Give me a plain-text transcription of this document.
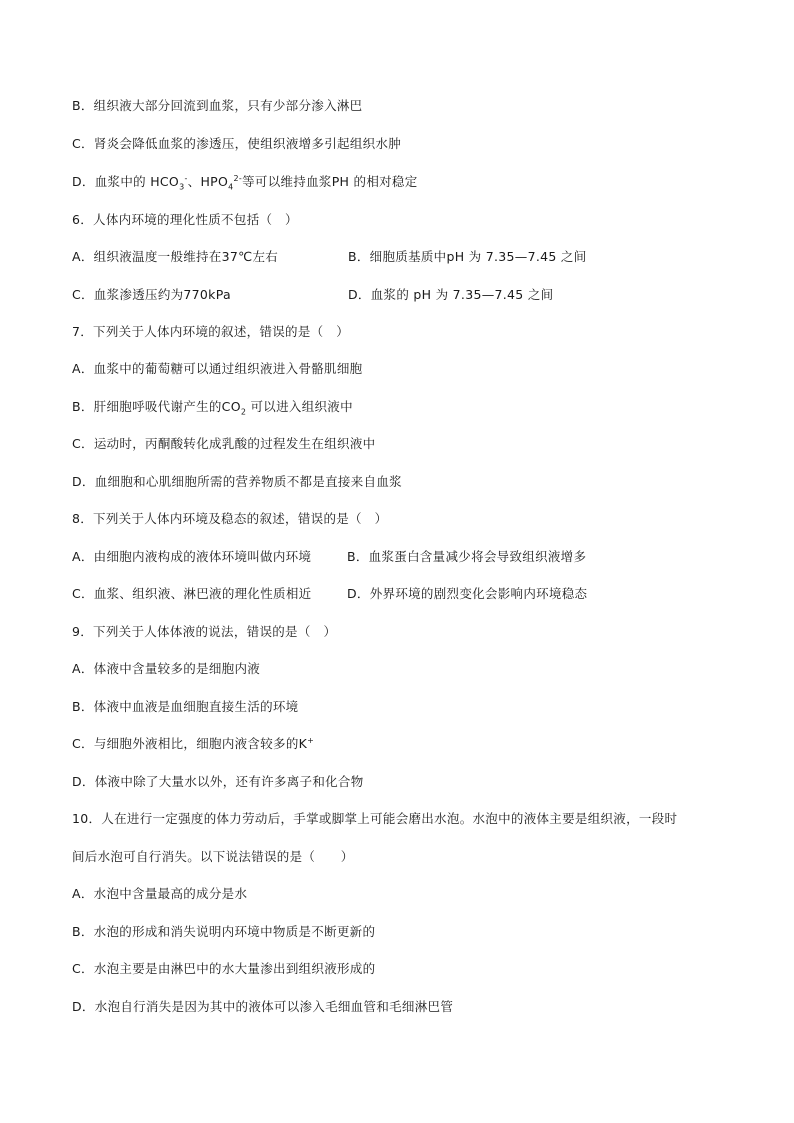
B．组织液大部分回流到血浆，只有少部分渗入淋巴
C．肾炎会降低血浆的渗透压，使组织液增多引起组织水肿
D．血浆中的 $HCO_3^-$、$HPO_4^{2-}$等可以维持血浆PH 的相对稳定
6．人体内环境的理化性质不包括（　）
A．组织液温度一般维持在37℃左右	B．细胞质基质中pH 为 7.35—7.45 之间
C．血浆渗透压约为770kPa	D．血浆的 pH 为 7.35—7.45 之间
7．下列关于人体内环境的叙述，错误的是（　）
A．血浆中的葡萄糖可以通过组织液进入骨骼肌细胞
B．肝细胞呼吸代谢产生的$CO_2$ 可以进入组织液中
C．运动时，丙酮酸转化成乳酸的过程发生在组织液中
D．血细胞和心肌细胞所需的营养物质不都是直接来自血浆
8．下列关于人体内环境及稳态的叙述，错误的是（　）
A．由细胞内液构成的液体环境叫做内环境	B．血浆蛋白含量减少将会导致组织液增多
C．血浆、组织液、淋巴液的理化性质相近	D．外界环境的剧烈变化会影响内环境稳态
9．下列关于人体体液的说法，错误的是（　）
A．体液中含量较多的是细胞内液
B．体液中血液是血细胞直接生活的环境
C．与细胞外液相比，细胞内液含较多的K+
D．体液中除了大量水以外，还有许多离子和化合物
10．人在进行一定强度的体力劳动后，手掌或脚掌上可能会磨出水泡。水泡中的液体主要是组织液，一段时
间后水泡可自行消失。以下说法错误的是（　　）
A．水泡中含量最高的成分是水
B．水泡的形成和消失说明内环境中物质是不断更新的
C．水泡主要是由淋巴中的水大量渗出到组织液形成的
D．水泡自行消失是因为其中的液体可以渗入毛细血管和毛细淋巴管
